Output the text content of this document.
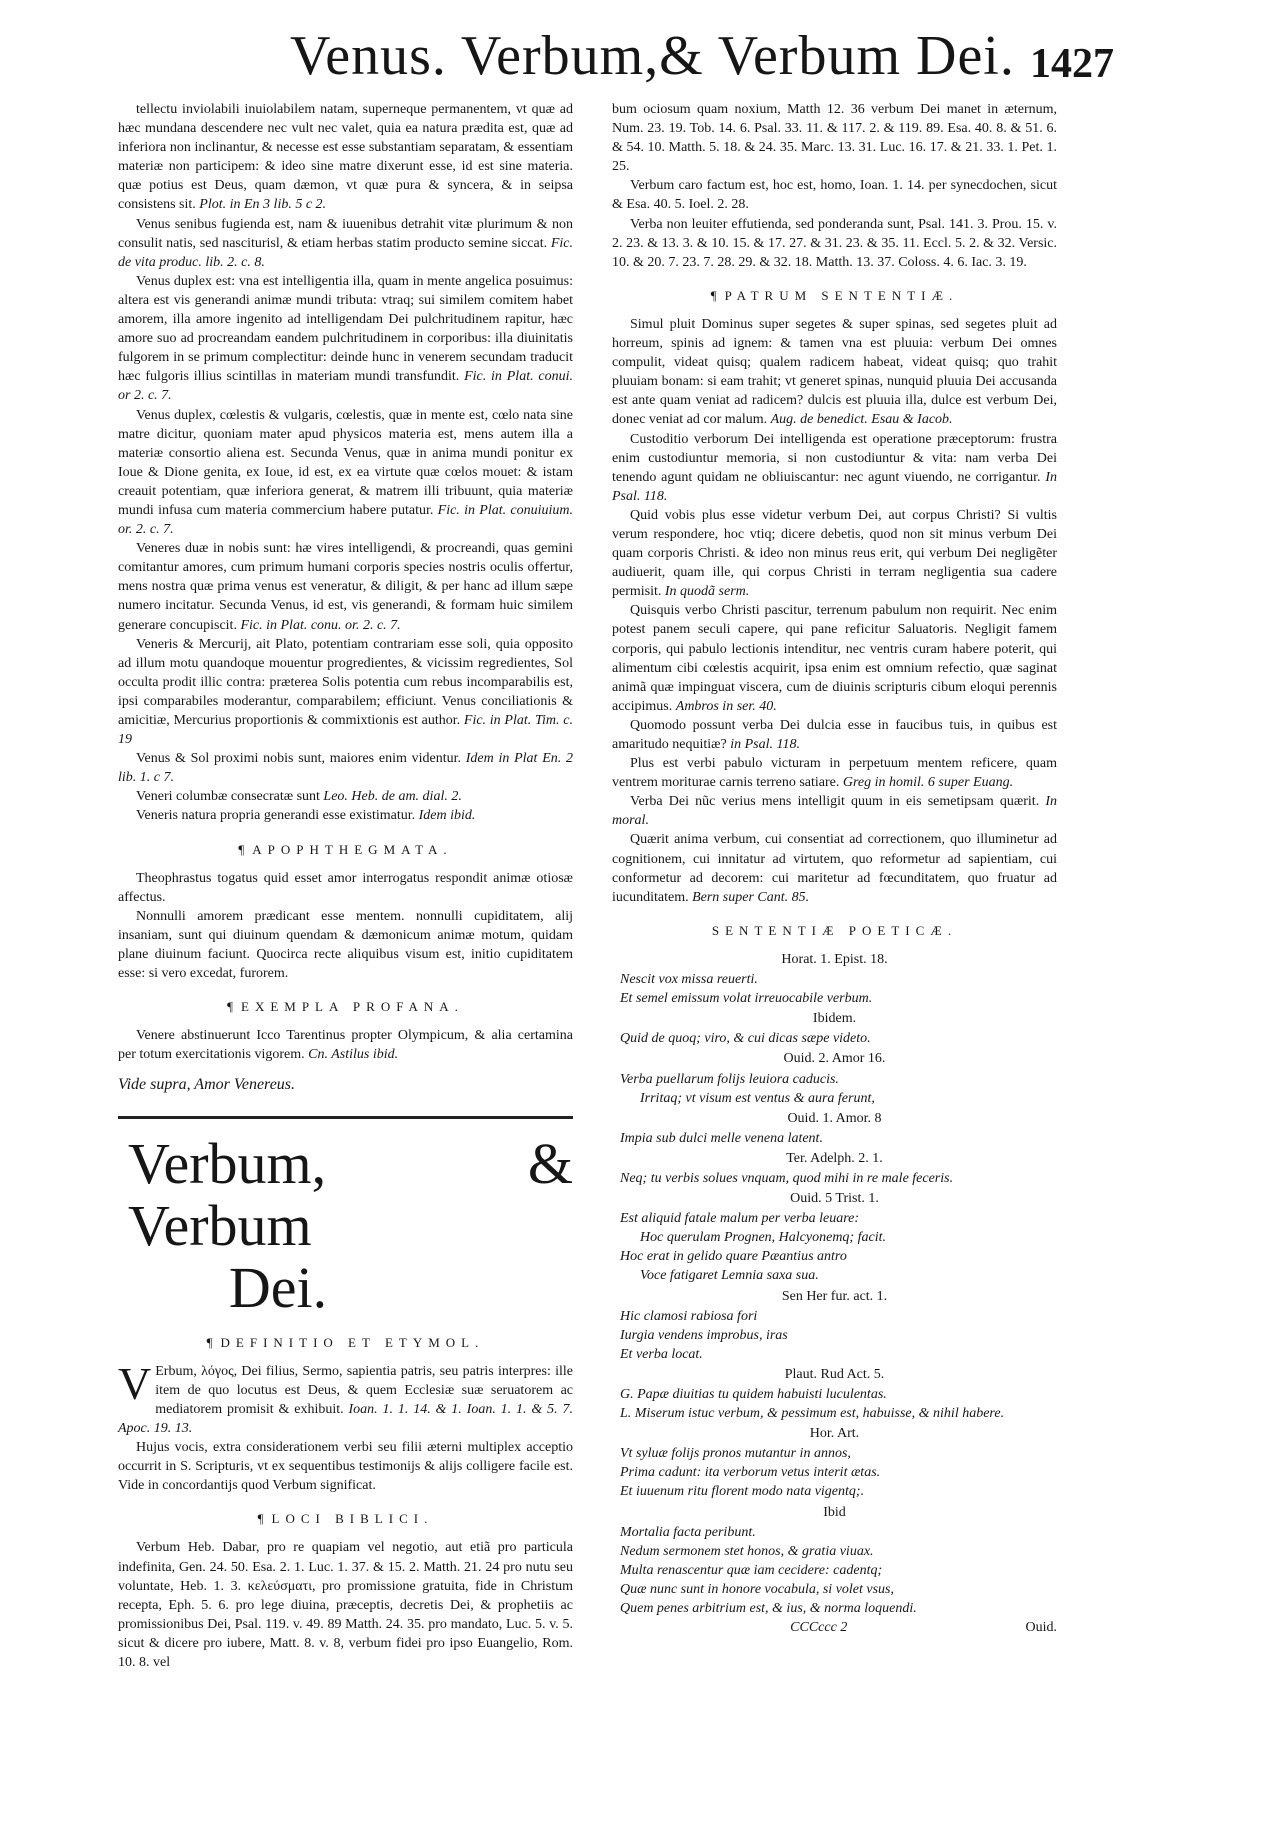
Venus. Verbum,& Verbum Dei. 1427

tellectu inviolabili inuiolabilem natam, superneque permanentem, vt quæ ad hæc mundana descendere nec vult nec valet, quia ea natura prædita est, quæ ad inferiora non inclinantur, & necesse est esse substantiam separatam, & essentiam materiæ non participem: & ideo sine matre dixerunt esse, id est sine materia. quæ potius est Deus, quam dæmon, vt quæ pura & syncera, & in seipsa consistens sit. Plot. in En 3 lib. 5 c 2.

Venus senibus fugienda est, nam & iuuenibus detrahit vitæ plurimum & non consulit natis, sed nasciturisl, & etiam herbas statim producto semine siccat. Fic. de vita produc. lib. 2. c. 8.

Venus duplex est: vna est intelligentia illa, quam in mente angelica posuimus: altera est vis generandi animæ mundi tributa: vtraq; sui similem comitem habet amorem, illa amore ingenito ad intelligendam Dei pulchritudinem rapitur, hæc amore suo ad procreandam eandem pulchritudinem in corporibus: illa diuinitatis fulgorem in se primum complectitur: deinde hunc in venerem secundam traducit hæc fulgoris illius scintillas in materiam mundi transfundit. Fic. in Plat. conui. or 2. c. 7.

Venus duplex, cœlestis & vulgaris, cœlestis, quæ in mente est, cœlo nata sine matre dicitur, quoniam mater apud physicos materia est, mens autem illa a materiæ consortio aliena est. Secunda Venus, quæ in anima mundi ponitur ex Ioue & Dione genita, ex Ioue, id est, ex ea virtute quæ cœlos mouet: & istam creauit potentiam, quæ inferiora generat, & matrem illi tribuunt, quia materiæ mundi infusa cum materia commercium habere putatur. Fic. in Plat. conuiuium. or. 2. c. 7.

Veneres duæ in nobis sunt: hæ vires intelligendi, & procreandi, quas gemini comitantur amores, cum primum humani corporis species nostris oculis offertur, mens nostra quæ prima venus est veneratur, & diligit, & per hanc ad illum sæpe numero incitatur. Secunda Venus, id est, vis generandi, & formam huic similem generare concupiscit. Fic. in Plat. conu. or. 2. c. 7.

Veneris & Mercurij, ait Plato, potentiam contrariam esse soli, quia opposito ad illum motu quandoque mouentur progredientes, & vicissim regredientes, Sol occulta prodit illic contra: præterea Solis potentia cum rebus incomparabilis est, ipsi comparabiles moderantur, comparabilem; efficiunt. Venus conciliationis & amicitiæ, Mercurius proportionis & commixtionis est author. Fic. in Plat. Tim. c. 19

Venus & Sol proximi nobis sunt, maiores enim videntur. Idem in Plat En. 2 lib. 1. c 7.

Veneri columbæ consecratæ sunt Leo. Heb. de am. dial. 2.

Veneris natura propria generandi esse existimatur. Idem ibid.

¶ APOPHTHEGMATA.

Theophrastus togatus quid esset amor interrogatus respondit animæ otiosæ affectus.

Nonnulli amorem prædicant esse mentem. nonnulli cupiditatem, alij insaniam, sunt qui diuinum quendam & dæmonicum animæ motum, quidam plane diuinum faciunt. Quocirca recte aliquibus visum est, initio cupiditatem esse: si vero excedat, furorem.

¶ EXEMPLA PROFANA.

Venere abstinuerunt Icco Tarentinus propter Olympicum, & alia certamina per totum exercitationis vigorem. Cn. Astilus ibid.

Vide supra, Amor Venereus.
Verbum, & Verbum
Dei.
¶ DEFINITIO ET ETYMOL.
V Erbum, λόγος, Dei filius, Sermo, sapientia patris, seu patris interpres: ille item de quo locutus est Deus, & quem Ecclesiæ suæ seruatorem ac mediatorem promisit & exhibuit. Ioan. 1. 1. 14. & 1. Ioan. 1. 1. & 5. 7. Apoc. 19. 13.

Hujus vocis, extra considerationem verbi seu filii æterni multiplex acceptio occurrit in S. Scripturis, vt ex sequentibus testimonijs & alijs colligere facile est. Vide in concordantijs quod Verbum significat.

¶ LOCI BIBLICI.

Verbum Heb. Dabar, pro re quapiam vel negotio, aut etiã pro particula indefinita, Gen. 24. 50. Esa. 2. 1. Luc. 1. 37. & 15. 2. Matth. 21. 24 pro nutu seu voluntate, Heb. 1. 3. κελεύσματι, pro promissione gratuita, fide in Christum recepta, Eph. 5. 6. pro lege diuina, præceptis, decretis Dei, & prophetiis ac promissionibus Dei, Psal. 119. v. 49. 89 Matth. 24. 35. pro mandato, Luc. 5. v. 5. sicut & dicere pro iubere, Matt. 8. v. 8, verbum fidei pro ipso Euangelio, Rom. 10. 8. vel

bum ociosum quam noxium, Matth 12. 36 verbum Dei manet in æternum, Num. 23. 19. Tob. 14. 6. Psal. 33. 11. & 117. 2. & 119. 89. Esa. 40. 8. & 51. 6. & 54. 10. Matth. 5. 18. & 24. 35. Marc. 13. 31. Luc. 16. 17. & 21. 33. 1. Pet. 1. 25.

Verbum caro factum est, hoc est, homo, Ioan. 1. 14. per synecdochen, sicut & Esa. 40. 5. Ioel. 2. 28.

Verba non leuiter effutienda, sed ponderanda sunt, Psal. 141. 3. Prou. 15. v. 2. 23. & 13. 3. & 10. 15. & 17. 27. & 31. 23. & 35. 11. Eccl. 5. 2. & 32. Versic. 10. & 20. 7. 23. 7. 28. 29. & 32. 18. Matth. 13. 37. Coloss. 4. 6. Iac. 3. 19.

¶ PATRUM SENTENTIÆ.

Simul pluit Dominus super segetes & super spinas, sed segetes pluit ad horreum, spinis ad ignem: & tamen vna est pluuia: verbum Dei omnes compulit, videat quisq; qualem radicem habeat, videat quisq; quo trahit pluuiam bonam: si eam trahit; vt generet spinas, nunquid pluuia Dei accusanda est ante quam veniat ad radicem? dulcis est pluuia illa, dulce est verbum Dei, donec veniat ad cor malum. Aug. de benedict. Esau & Iacob.

Custoditio verborum Dei intelligenda est operatione præceptorum: frustra enim custodiuntur memoria, si non custodiuntur & vita: nam verba Dei tenendo agunt quidam ne obliuiscantur: nec agunt viuendo, ne corrigantur. In Psal. 118.

Quid vobis plus esse videtur verbum Dei, aut corpus Christi? Si vultis verum respondere, hoc vtiq; dicere debetis, quod non sit minus verbum Dei quam corporis Christi. & ideo non minus reus erit, qui verbum Dei negligẽter audiuerit, quam ille, qui corpus Christi in terram negligentia sua cadere permisit. In quodã serm.

Quisquis verbo Christi pascitur, terrenum pabulum non requirit. Nec enim potest panem seculi capere, qui pane reficitur Saluatoris. Negligit famem corporis, qui pabulo lectionis intenditur, nec ventris curam habere poterit, qui alimentum cibi cœlestis acquirit, ipsa enim est omnium refectio, quæ saginat animã quæ impinguat viscera, cum de diuinis scripturis cibum eloqui perennis accipimus. Ambros in ser. 40.

Quomodo possunt verba Dei dulcia esse in faucibus tuis, in quibus est amaritudo nequitiæ? in Psal. 118.

Plus est verbi pabulo victuram in perpetuum mentem reficere, quam ventrem moriturae carnis terreno satiare. Greg in homil. 6 super Euang.

Verba Dei nũc verius mens intelligit quum in eis semetipsam quærit. In moral.

Quærit anima verbum, cui consentiat ad correctionem, quo illuminetur ad cognitionem, cui innitatur ad virtutem, quo reformetur ad sapientiam, cui conformetur ad decorem: cui maritetur ad fœcunditatem, quo fruatur ad iucunditatem. Bern super Cant. 85.

SENTENTIÆ POETICÆ.
Horat. 1. Epist. 18.
Nescit vox missa reuerti.
Et semel emissum volat irreuocabile verbum.
Ibidem.
Quid de quoq; viro, & cui dicas sæpe videto.
Ouid. 2. Amor 16.
Verba puellarum folijs leuiora caducis.
Irritaq; vt visum est ventus & aura ferunt,
Ouid. 1. Amor. 8
Impia sub dulci melle venena latent.
Ter. Adelph. 2. 1.
Neq; tu verbis solues vnquam, quod mihi in re male feceris.
Ouid. 5 Trist. 1.
Est aliquid fatale malum per verba leuare:
Hoc querulam Prognen, Halcyonemq; facit.
Hoc erat in gelido quare Pæantius antro
Voce fatigaret Lemnia saxa sua.
Sen Her fur. act. 1.
Hic clamosi rabiosa fori
Iurgia vendens improbus, iras
Et verba locat.
Plaut. Rud Act. 5.
G. Papæ diuitias tu quidem habuisti luculentas.
L. Miserum istuc verbum, & pessimum est, habuisse, & nihil habere.
Hor. Art.
Vt syluæ folijs pronos mutantur in annos,
Prima cadunt: ita verborum vetus interit ætas.
Et iuuenum ritu florent modo nata vigentq;.
Ibid
Mortalia facta peribunt.
Nedum sermonem stet honos, & gratia viuax.
Multa renascentur quæ iam cecidere: cadentq;
Quæ nunc sunt in honore vocabula, si volet vsus,
Quem penes arbitrium est, & ius, & norma loquendi.
CCCccc 2	Ouid.
